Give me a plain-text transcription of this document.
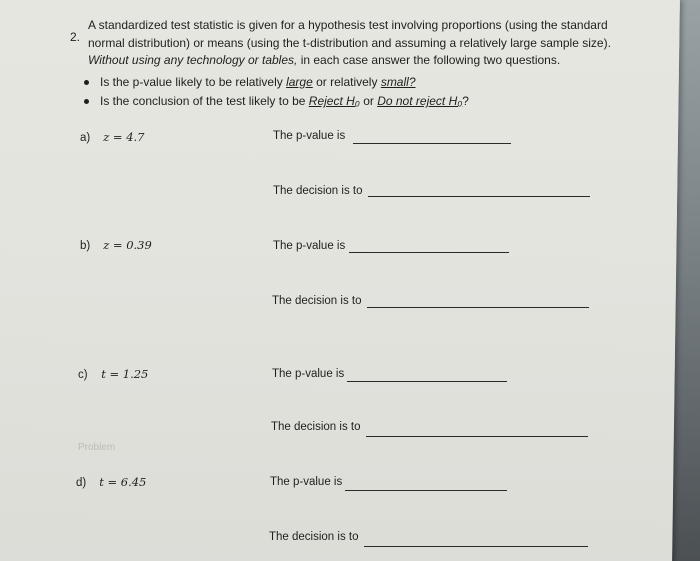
2.
A standardized test statistic is given for a hypothesis test involving proportions (using the standard
normal distribution) or means (using the t-distribution and assuming a relatively large sample size).
Without using any technology or tables, in each case answer the following two questions.
Is the p-value likely to be relatively large or relatively small?
Is the conclusion of the test likely to be Reject H₀ or Do not reject H₀?
a) z = 4.7	The p-value is
The decision is to
b) z = 0.39	The p-value is
The decision is to
c) t = 1.25	The p-value is
The decision is to
Problem
d) t = 6.45	The p-value is
The decision is to
